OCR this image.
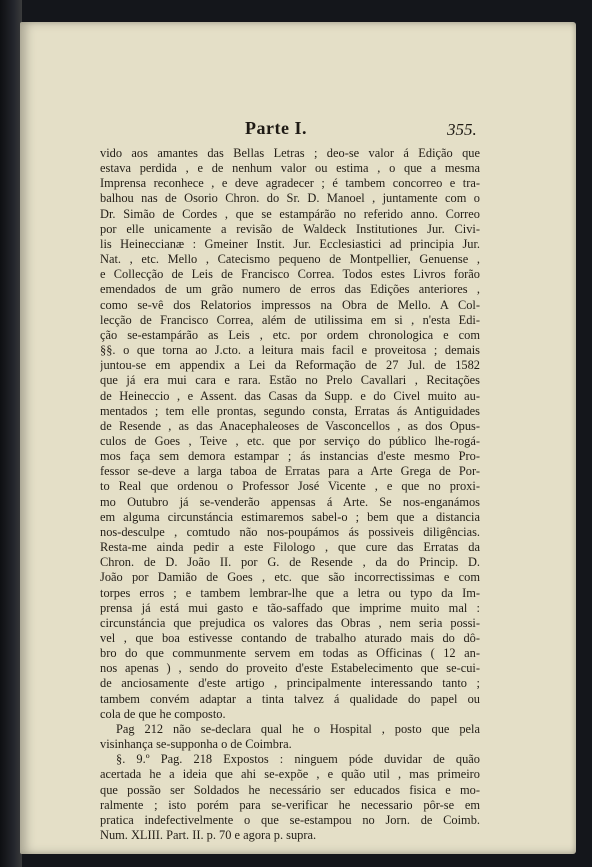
Parte I.	355.
vido aos amantes das Bellas Letras ; deo-se valor á Edição que
estava perdida , e de nenhum valor ou estima , o que a mesma
Imprensa reconhece , e deve agradecer ; é tambem concorreo e tra-
balhou nas de Osorio Chron. do Sr. D. Manoel , juntamente com o
Dr. Simão de Cordes , que se estampárão no referido anno. Correo
por elle unicamente a revisão de Waldeck Institutiones Jur. Civi-
lis Heineccianæ : Gmeiner Instit. Jur. Ecclesiastici ad principia Jur.
Nat. , etc. Mello , Catecismo pequeno de Montpellier, Genuense ,
e Collecção de Leis de Francisco Correa. Todos estes Livros forão
emendados de um grão numero de erros das Edições anteriores ,
como se-vê dos Relatorios impressos na Obra de Mello. A Col-
lecção de Francisco Correa, além de utilissima em si , n'esta Edi-
ção se-estampárão as Leis , etc. por ordem chronologica e com
§§. o que torna ao J.cto. a leitura mais facil e proveitosa ; demais
juntou-se em appendix a Lei da Reformação de 27 Jul. de 1582
que já era mui cara e rara. Estão no Prelo Cavallari , Recitações
de Heineccio , e Assent. das Casas da Supp. e do Civel muito au-
mentados ; tem elle prontas, segundo consta, Erratas ás Antiguidades
de Resende , as das Anacephaleoses de Vasconcellos , as dos Opus-
culos de Goes , Teive , etc. que por serviço do público lhe-rogá-
mos faça sem demora estampar ; ás instancias d'este mesmo Pro-
fessor se-deve a larga taboa de Erratas para a Arte Grega de Por-
to Real que ordenou o Professor José Vicente , e que no proxi-
mo Outubro já se-venderão appensas á Arte. Se nos-enganámos
em alguma circunstáncia estimaremos sabel-o ; bem que a distancia
nos-desculpe , comtudo não nos-poupámos ás possiveis diligências.
Resta-me ainda pedir a este Filologo , que cure das Erratas da
Chron. de D. João II. por G. de Resende , da do Princip. D.
João por Damião de Goes , etc. que são incorrectissimas e com
torpes erros ; e tambem lembrar-lhe que a letra ou typo da Im-
prensa já está mui gasto e tão-saffado que imprime muito mal :
circunstáncia que prejudica os valores das Obras , nem seria possi-
vel , que boa estivesse contando de trabalho aturado mais do dô-
bro do que communmente servem em todas as Officinas ( 12 an-
nos apenas ) , sendo do proveito d'este Estabelecimento que se-cui-
de anciosamente d'este artigo , principalmente interessando tanto ;
tambem convém adaptar a tinta talvez á qualidade do papel ou
cola de que he composto.
Pag 212 não se-declara qual he o Hospital , posto que pela
visinhança se-supponha o de Coimbra.
§. 9.º Pag. 218 Expostos : ninguem póde duvidar de quão
acertada he a ideia que ahi se-expõe , e quão util , mas primeiro
que possão ser Soldados he necessário ser educados fisica e mo-
ralmente ; isto porém para se-verificar he necessario pôr-se em
pratica indefectivelmente o que se-estampou no Jorn. de Coimb.
Num. XLIII. Part. II. p. 70 e agora p. supra.
